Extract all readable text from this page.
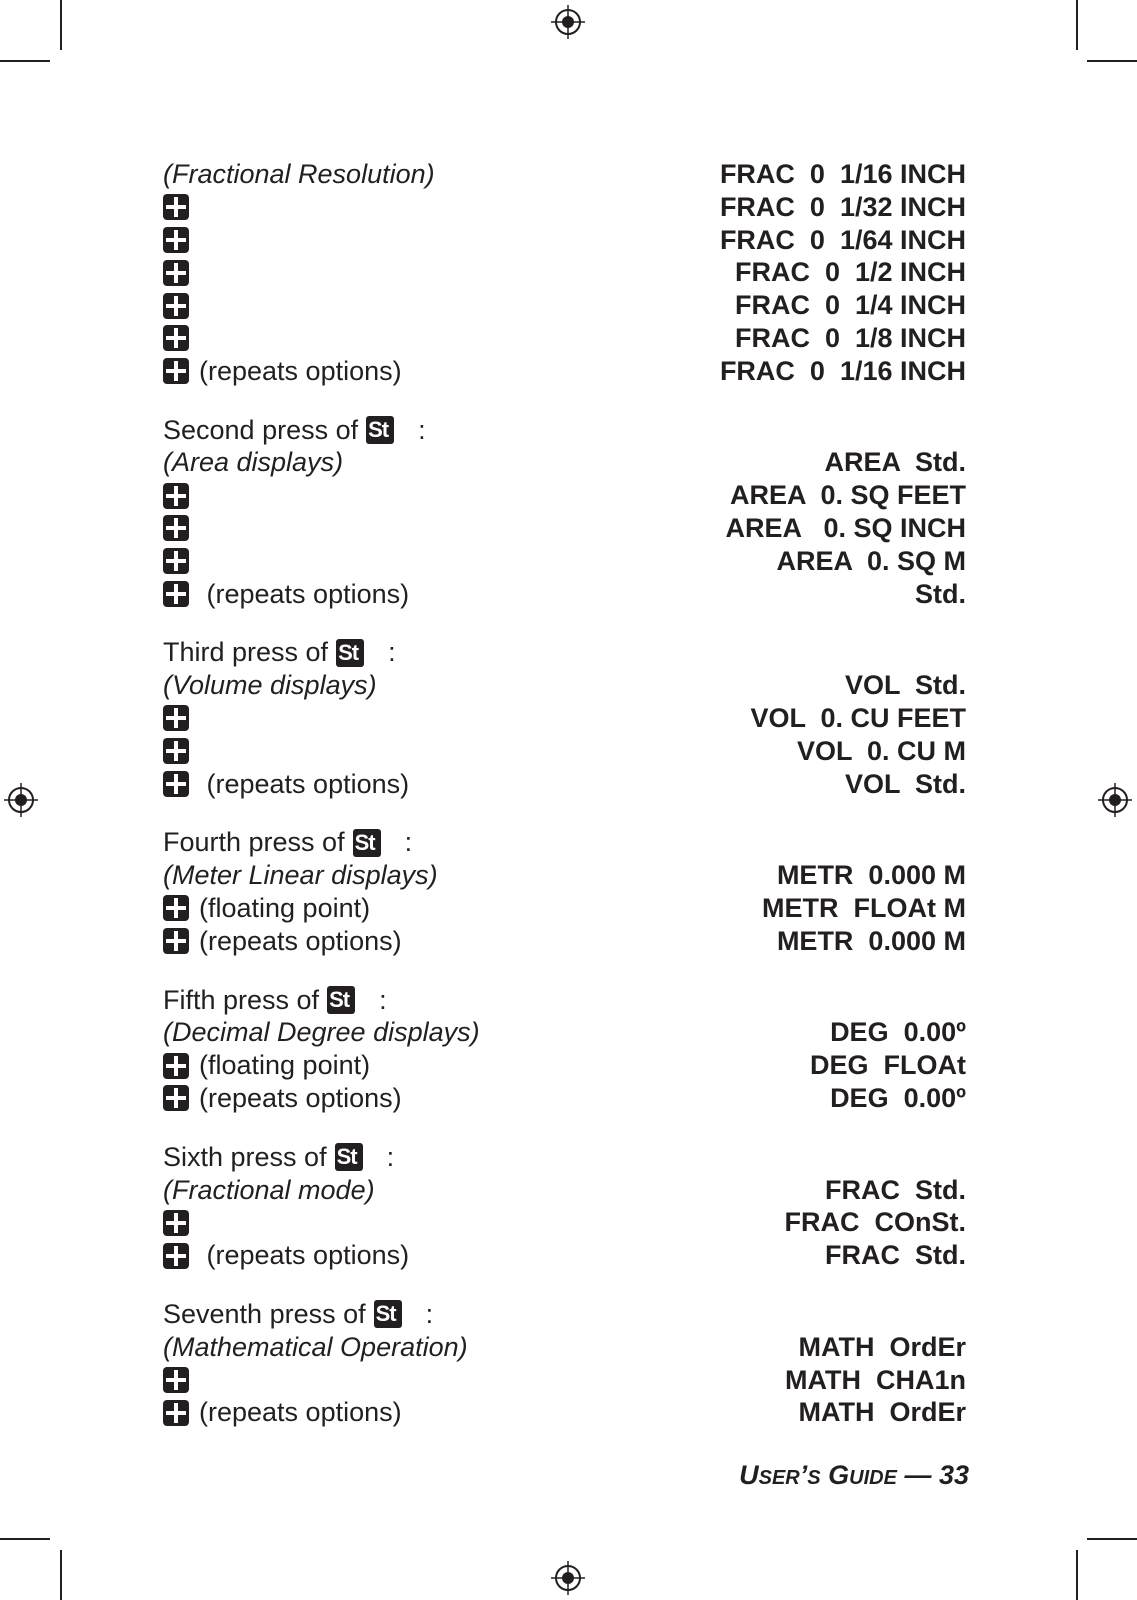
(Fractional Resolution)	FRAC  0  1/16 INCH
FRAC  0  1/32 INCH
FRAC  0  1/64 INCH
FRAC  0  1/2 INCH
FRAC  0  1/4 INCH
FRAC  0  1/8 INCH
(repeats options)	FRAC  0  1/16 INCH
Second press of St :
(Area displays)	AREA  Std.
AREA  0. SQ FEET
AREA   0. SQ INCH
AREA  0. SQ M
(repeats options)	Std.
Third press of St :
(Volume displays)	VOL  Std.
VOL  0. CU FEET
VOL  0. CU M
(repeats options)	VOL  Std.
Fourth press of St :
(Meter Linear displays)	METR  0.000 M
(floating point)	METR  FLOAt M
(repeats options)	METR  0.000 M
Fifth press of St :
(Decimal Degree displays)	DEG  0.00º
(floating point)	DEG  FLOAt
(repeats options)	DEG  0.00º
Sixth press of St :
(Fractional mode)	FRAC  Std.
FRAC  COnSt.
(repeats options)	FRAC  Std.
Seventh press of St :
(Mathematical Operation)	MATH  OrdEr
MATH  CHA1n
(repeats options)	MATH  OrdEr
USER’S GUIDE — 33
